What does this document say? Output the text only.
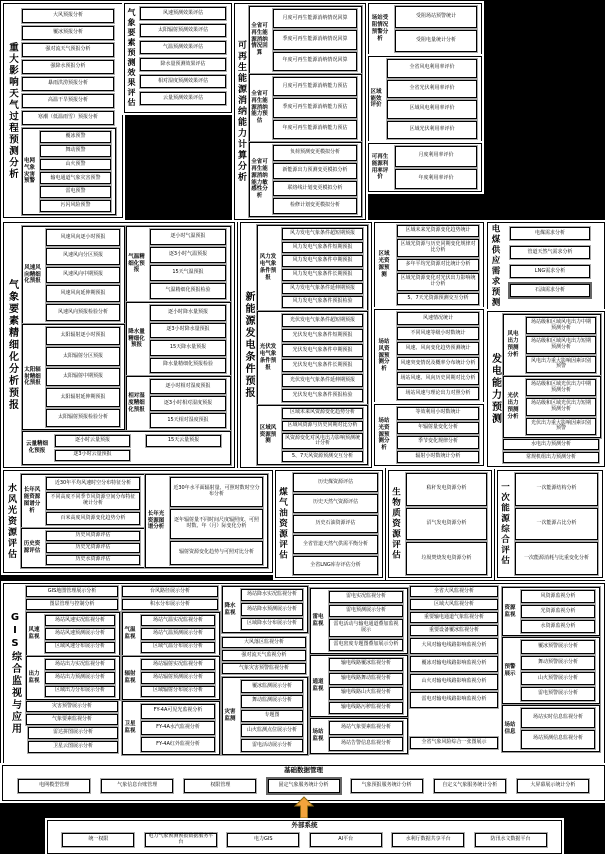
重大影响天气过程预测分析
大风预报分析
覆冰预报分析
强对流天气预报分析
强降水预报分析
暴雨洪涝预报分析
高温干旱预报分析
寒潮（低温雨雪）预报分析
电网气象灾害预警
覆冰预警
舞动预警
山火预警
输电通道气象灾害预警
雷电预警
污闪风险预警
气象要素预测效果评估	风速预测效果评估
太阳辐射预测效果评估
气温预测效果评估
降水量预测效果评估
相对湿度预测效果评估
云量预测效果评估	可再生能源消纳能力计算分析
全省可再生能源消纳情况回算
月度可再生能源消纳情况回算
季度可再生能源消纳情况回算
年度可再生能源消纳情况回算
全省可再生能源消纳能力预估
月度可再生能源消纳能力预估
季度可再生能源消纳能力预估
年度可再生能源消纳能力预估
全省可再生能源消纳能力敏感性分析
负荷预测变更模拟分析
新能源出力预测变更模拟分析
联络线计划变更模拟分析
检修计划变更模拟分析
场站受阻情况预警分析
受阻场站预警统计
受阻电量统计分析
区域能效评价
全省风电利用率评价
全省光伏利用率评价
区域风电利用率评价
区域光伏利用率评价
可再生能源利用率评价
月度利用率评价
年度利用率评价
气象要素精细化分析预报
风速风向精细化预报
风速风向逐小时预报
风速风向分区预报
风速风向中期预报
风速风向延伸期预报
风速风向预报检验分析
太阳辐射精细化预报
太阳辐射逐小时预报
太阳辐射分区预报
太阳辐射中期预报
太阳辐射延伸期预报
太阳辐射预报检验分析
气温精细化预报
逐小时气温预报
逐3小时气温预报
15天气温预报
气温精细化预报检验
降水量精细化预报
逐小时降水量预报
逐3小时降水量预报
15天降水量预报
降水量精细化预报检验
相对湿度精细化预报
逐小时相对湿度预报
逐3小时相对湿度预报
15天相对湿度预报
云量精细化预报
逐小时云量预报	15天云量预报
逐3小时云量预报
新能源发电条件预报
风力发电气象条件预报
风力发电气象条件超短期预报
风力发电气象条件短期预报
风力发电气象条件中期预报
风力发电气象条件长期预报
风力发电气象条件延伸期预报
风力发电气象条件预报检验
光伏发电气象条件预报
光伏发电气象条件超短期预报
光伏发电气象条件短期预报
光伏发电气象条件中期预报
光伏发电气象条件长期预报
光伏发电气象条件延伸期预报
光伏发电气象条件预报检验
区域风资源预测
区域未来风资源变化趋势分析
区域风资源与历史同期对比分析
风资源变化对风电出力影响预测统计分析
5、7天风资源预测交互分析
区域光资源预测
区域未来光资源变化趋势统计
区域光资源与历史同期变化规律对比分析
多年平均光资源对比统计分析
区域光资源变化对光伏出力影响统计分析
5、7天光资源预测交互分析
场站风资源预测分析
风速情况统计
不同风速等级小时数统计
风速、风向变化趋势预测统计
风速突变情况及概率分布统计分析
场站风速、风向历史同期对比分析
场站风速与理论出力对照分析
场站光资源预测分析
等效利用小时数统计
年辐射量变化分析
季节变化规律分析
辐射小时数统计分析
电煤供应需求预测	电煤需求分析
管道天然气需求分析
LNG需求分析
石油需求分析
发电能力预测
风电出力预测分析
场站级和区域风电出力中期预测分析
场站级和区域风电出力短期预测分析
风电出力重大影响因素识别预警
光伏出力预测分析
场站级和区域光伏出力中期预测分析
场站级和区域光伏出力短期预测分析
光伏出力重大影响因素识别预警
水电出力预测分析
常规机组出力预测分析
水风光资源评估	长年风能资源图谱分析
近30年平均风速时空分布特征分析
不同高度不同季节风资源空间分布特征统计分析
百米高度风资源变化趋势分析
历史资源评估
历史风资源评估
历史光资源评估
历史水资源评估
长年光资源图谱分析
近30年水平面辐射量、可照时数时空分布分析
逐年辐射量不同时间尺度辐照度、可照时数、年（月）际变化分析
辐射资源变化趋势与可照对比分析	煤气油资源评估
历史煤资源评估
历史天然气资源评估
历史石油资源评估
全省管道天然气供需平衡分析
全省LNG库存评估分析
生物质资源评估	秸秆发电资源分析
沼气发电资源分析
垃圾焚烧发电资源分析	一次能源综合评估	一次能源结构分析
一次能源占比分析
一次能源消耗与比重变化分析
GIS综合监视与应用
GIS地图管理展示分析
图层管理与控制分析
风速监视
场站风速实况监视分析
场站风速预测展示分析
区域风速分布展示分析
出力监视
场站出力实况监视分析
场站出力预测展示分析
区域出力分布展示分析
灾害预警展示分析
气象要素监视分析
雷达拼图展示分析
卫星云图展示分析
台风路径展示分析
积水分布展示分析
气温监视
场站气温实况监视分析
场站气温预测展示分析
区域气温分布展示分析
辐射监视
场站辐射实况监视分析
场站辐射预测展示分析
区域辐射分布展示分析
卫星监视
FY-4A可见光监视分析
FY-4A水汽监视分析
FY-4A红外监视分析
降水监视
场站降水实况监视分析
场站降水预测展示分析
区域降水分布展示分析
大风落区监视分析
强对流天气监视分析
气象灾害预警监视分析
灾害监测
覆冰监测展示分析
舞动监测展示分析
专题图
山火监测点位展示分析
雷电活动展示分析
雷电监视
雷电实况监视分析
雷电预测展示分析
雷电活动与输电通道叠加监视展示
雷电密度专题图叠加展示分析
通道监视
输电线路覆冰监视分析
输电线路舞动监视分析
输电线路山火监视分析
输电线路污秽监视分析
场站监视
场站气象要素监视分析
场站告警信息监视分析
全省大风监视分析
区域大风监视分析
重要输电通道气象监视分析
重要设备覆冰监视分析
大风对输电线路影响监视分析
覆冰对输电线路影响监视分析
山火对输电线路影响监视分析
雷电对输电线路影响监视分析
全省气象风险综合一张图展示
资源监视
风资源监视分析
光资源监视分析
水资源监视分析
预警展示
覆冰预警展示分析
舞动预警展示分析
山火预警展示分析
雷电预警展示分析
场站信息
场站实时信息监视分析
场站预测信息监视分析
基础数据管理
电网模型管理	气象信息台账管理	权限管理	固定气象服务统计分析	气象预报服务统计分析	自定义气象服务统计分析	大屏幕展示统计分析
外部系统
统一权限	电力气象预测预报数据服务平台	电力GIS	AI平台	水利厅数据共享平台	防汛水文数据平台
